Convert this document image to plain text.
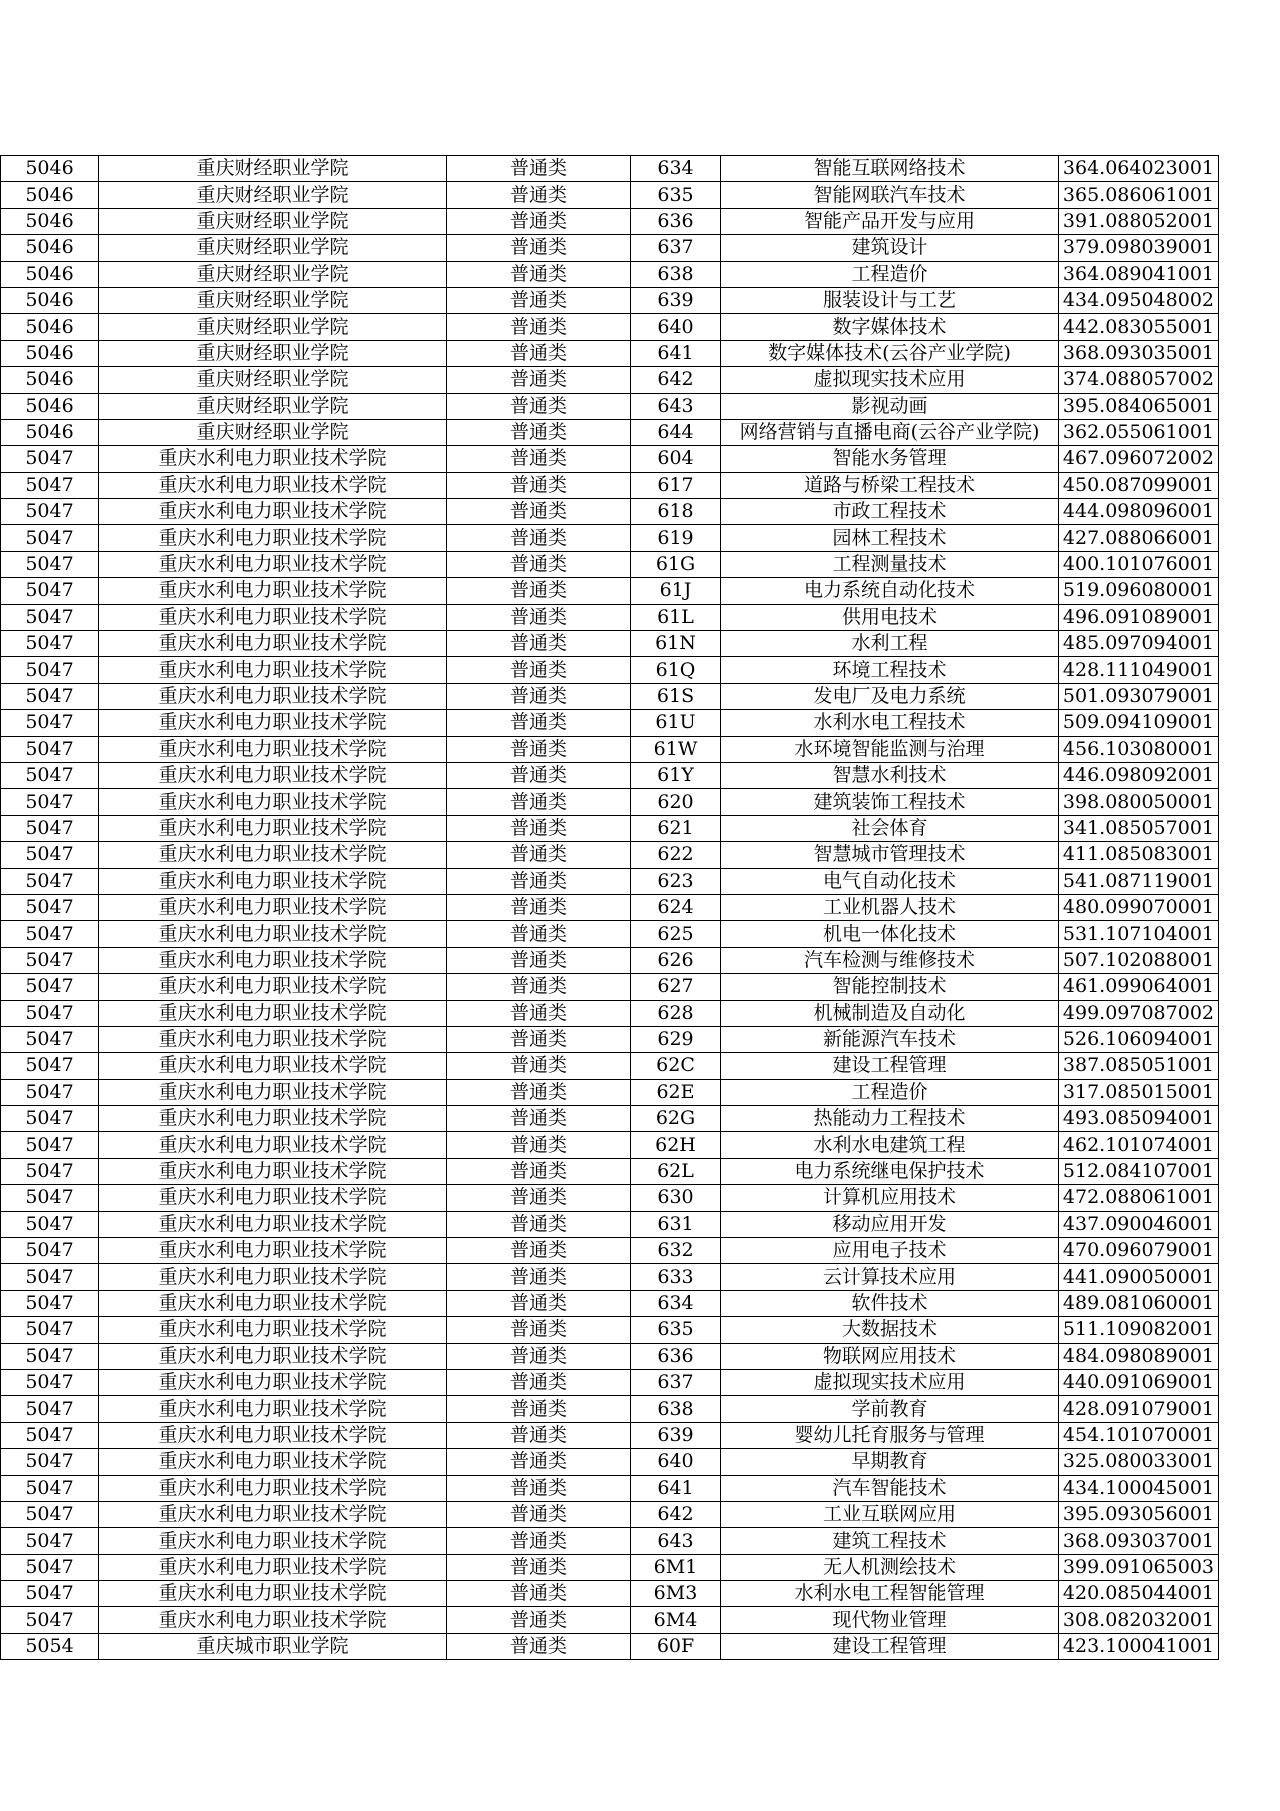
5046	重庆财经职业学院	普通类	634	智能互联网络技术	364.064023001
5046	重庆财经职业学院	普通类	635	智能网联汽车技术	365.086061001
5046	重庆财经职业学院	普通类	636	智能产品开发与应用	391.088052001
5046	重庆财经职业学院	普通类	637	建筑设计	379.098039001
5046	重庆财经职业学院	普通类	638	工程造价	364.089041001
5046	重庆财经职业学院	普通类	639	服装设计与工艺	434.095048002
5046	重庆财经职业学院	普通类	640	数字媒体技术	442.083055001
5046	重庆财经职业学院	普通类	641	数字媒体技术(云谷产业学院)	368.093035001
5046	重庆财经职业学院	普通类	642	虚拟现实技术应用	374.088057002
5046	重庆财经职业学院	普通类	643	影视动画	395.084065001
5046	重庆财经职业学院	普通类	644	网络营销与直播电商(云谷产业学院)	362.055061001
5047	重庆水利电力职业技术学院	普通类	604	智能水务管理	467.096072002
5047	重庆水利电力职业技术学院	普通类	617	道路与桥梁工程技术	450.087099001
5047	重庆水利电力职业技术学院	普通类	618	市政工程技术	444.098096001
5047	重庆水利电力职业技术学院	普通类	619	园林工程技术	427.088066001
5047	重庆水利电力职业技术学院	普通类	61G	工程测量技术	400.101076001
5047	重庆水利电力职业技术学院	普通类	61J	电力系统自动化技术	519.096080001
5047	重庆水利电力职业技术学院	普通类	61L	供用电技术	496.091089001
5047	重庆水利电力职业技术学院	普通类	61N	水利工程	485.097094001
5047	重庆水利电力职业技术学院	普通类	61Q	环境工程技术	428.111049001
5047	重庆水利电力职业技术学院	普通类	61S	发电厂及电力系统	501.093079001
5047	重庆水利电力职业技术学院	普通类	61U	水利水电工程技术	509.094109001
5047	重庆水利电力职业技术学院	普通类	61W	水环境智能监测与治理	456.103080001
5047	重庆水利电力职业技术学院	普通类	61Y	智慧水利技术	446.098092001
5047	重庆水利电力职业技术学院	普通类	620	建筑装饰工程技术	398.080050001
5047	重庆水利电力职业技术学院	普通类	621	社会体育	341.085057001
5047	重庆水利电力职业技术学院	普通类	622	智慧城市管理技术	411.085083001
5047	重庆水利电力职业技术学院	普通类	623	电气自动化技术	541.087119001
5047	重庆水利电力职业技术学院	普通类	624	工业机器人技术	480.099070001
5047	重庆水利电力职业技术学院	普通类	625	机电一体化技术	531.107104001
5047	重庆水利电力职业技术学院	普通类	626	汽车检测与维修技术	507.102088001
5047	重庆水利电力职业技术学院	普通类	627	智能控制技术	461.099064001
5047	重庆水利电力职业技术学院	普通类	628	机械制造及自动化	499.097087002
5047	重庆水利电力职业技术学院	普通类	629	新能源汽车技术	526.106094001
5047	重庆水利电力职业技术学院	普通类	62C	建设工程管理	387.085051001
5047	重庆水利电力职业技术学院	普通类	62E	工程造价	317.085015001
5047	重庆水利电力职业技术学院	普通类	62G	热能动力工程技术	493.085094001
5047	重庆水利电力职业技术学院	普通类	62H	水利水电建筑工程	462.101074001
5047	重庆水利电力职业技术学院	普通类	62L	电力系统继电保护技术	512.084107001
5047	重庆水利电力职业技术学院	普通类	630	计算机应用技术	472.088061001
5047	重庆水利电力职业技术学院	普通类	631	移动应用开发	437.090046001
5047	重庆水利电力职业技术学院	普通类	632	应用电子技术	470.096079001
5047	重庆水利电力职业技术学院	普通类	633	云计算技术应用	441.090050001
5047	重庆水利电力职业技术学院	普通类	634	软件技术	489.081060001
5047	重庆水利电力职业技术学院	普通类	635	大数据技术	511.109082001
5047	重庆水利电力职业技术学院	普通类	636	物联网应用技术	484.098089001
5047	重庆水利电力职业技术学院	普通类	637	虚拟现实技术应用	440.091069001
5047	重庆水利电力职业技术学院	普通类	638	学前教育	428.091079001
5047	重庆水利电力职业技术学院	普通类	639	婴幼儿托育服务与管理	454.101070001
5047	重庆水利电力职业技术学院	普通类	640	早期教育	325.080033001
5047	重庆水利电力职业技术学院	普通类	641	汽车智能技术	434.100045001
5047	重庆水利电力职业技术学院	普通类	642	工业互联网应用	395.093056001
5047	重庆水利电力职业技术学院	普通类	643	建筑工程技术	368.093037001
5047	重庆水利电力职业技术学院	普通类	6M1	无人机测绘技术	399.091065003
5047	重庆水利电力职业技术学院	普通类	6M3	水利水电工程智能管理	420.085044001
5047	重庆水利电力职业技术学院	普通类	6M4	现代物业管理	308.082032001
5054	重庆城市职业学院	普通类	60F	建设工程管理	423.100041001
